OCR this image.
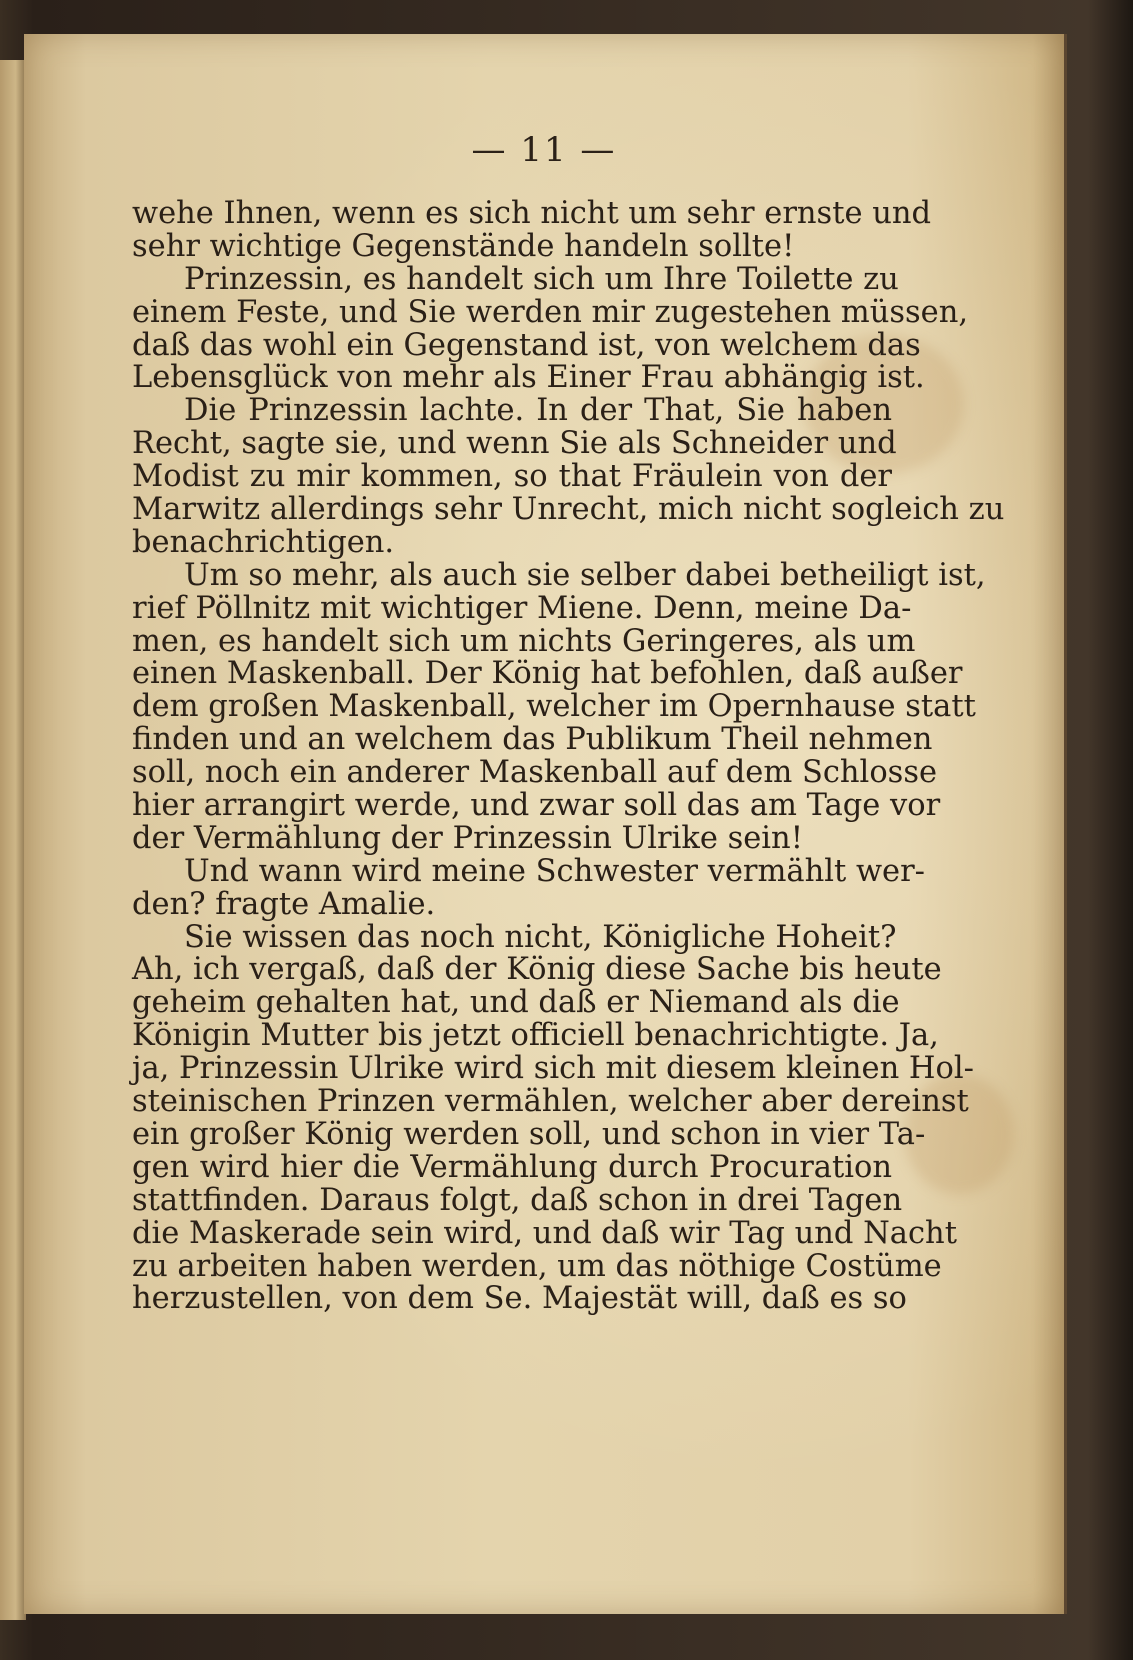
— 11 —
wehe Ihnen, wenn es sich nicht um sehr ernste und
sehr wichtige Gegenstände handeln sollte!
Prinzessin, es handelt sich um Ihre Toilette zu
einem Feste, und Sie werden mir zugestehen müssen,
daß das wohl ein Gegenstand ist, von welchem das
Lebensglück von mehr als Einer Frau abhängig ist.
Die Prinzessin lachte. In der That, Sie haben
Recht, sagte sie, und wenn Sie als Schneider und
Modist zu mir kommen, so that Fräulein von der
Marwitz allerdings sehr Unrecht, mich nicht sogleich zu
benachrichtigen.
Um so mehr, als auch sie selber dabei betheiligt ist,
rief Pöllnitz mit wichtiger Miene. Denn, meine Da-
men, es handelt sich um nichts Geringeres, als um
einen Maskenball. Der König hat befohlen, daß außer
dem großen Maskenball, welcher im Opernhause statt
finden und an welchem das Publikum Theil nehmen
soll, noch ein anderer Maskenball auf dem Schlosse
hier arrangirt werde, und zwar soll das am Tage vor
der Vermählung der Prinzessin Ulrike sein!
Und wann wird meine Schwester vermählt wer-
den? fragte Amalie.
Sie wissen das noch nicht, Königliche Hoheit?
Ah, ich vergaß, daß der König diese Sache bis heute
geheim gehalten hat, und daß er Niemand als die
Königin Mutter bis jetzt officiell benachrichtigte. Ja,
ja, Prinzessin Ulrike wird sich mit diesem kleinen Hol-
steinischen Prinzen vermählen, welcher aber dereinst
ein großer König werden soll, und schon in vier Ta-
gen wird hier die Vermählung durch Procuration
stattfinden. Daraus folgt, daß schon in drei Tagen
die Maskerade sein wird, und daß wir Tag und Nacht
zu arbeiten haben werden, um das nöthige Costüme
herzustellen, von dem Se. Majestät will, daß es so
